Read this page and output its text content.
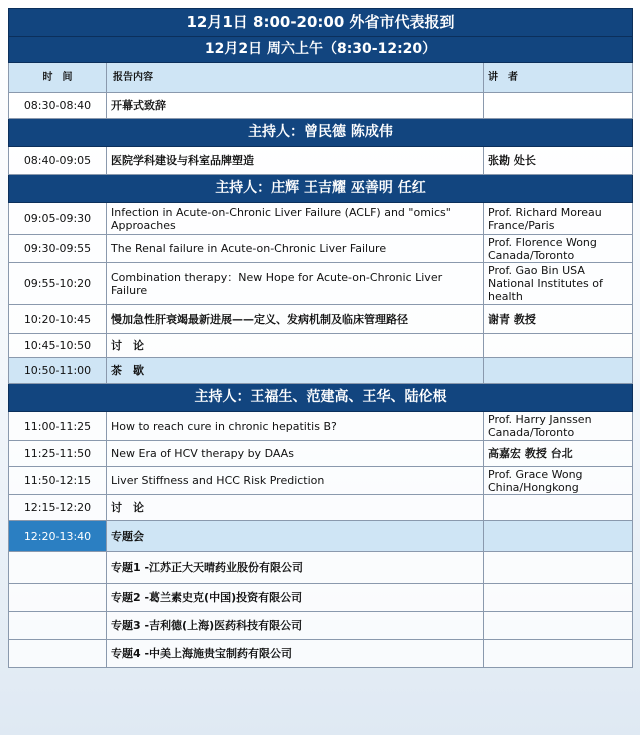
12月1日 8:00-20:00 外省市代表报到		
12月2日 周六上午（8:30-12:20）		
时　间	报告内容	讲　者
08:30-08:40	开幕式致辞	
主持人：曾民德 陈成伟		
08:40-09:05	医院学科建设与科室品牌塑造	张勘 处长
主持人：庄辉 王吉耀 巫善明 任红		
09:05-09:30	Infection in Acute-on-Chronic Liver Failure (ACLF) and "omics" Approaches	Prof. Richard Moreau France/Paris
09:30-09:55	The Renal failure in Acute-on-Chronic Liver Failure	Prof. Florence Wong Canada/Toronto
09:55-10:20	Combination therapy：New Hope for Acute-on-Chronic Liver Failure	Prof. Gao Bin USA National Institutes of health
10:20-10:45	慢加急性肝衰竭最新进展——定义、发病机制及临床管理路径	谢青 教授
10:45-10:50	讨　论	
10:50-11:00	茶　歇	
主持人：王福生、范建高、王华、陆伦根		
11:00-11:25	How to reach cure in chronic hepatitis B?	Prof. Harry Janssen Canada/Toronto
11:25-11:50	New Era of HCV therapy by DAAs	高嘉宏 教授 台北
11:50-12:15	Liver Stiffness and HCC Risk Prediction	Prof. Grace Wong China/Hongkong
12:15-12:20	讨　论	
12:20-13:40	专题会	
	专题1 -江苏正大天晴药业股份有限公司	
	专题2 -葛兰素史克(中国)投资有限公司	
	专题3 -吉利德(上海)医药科技有限公司	
	专题4 -中美上海施贵宝制药有限公司	
